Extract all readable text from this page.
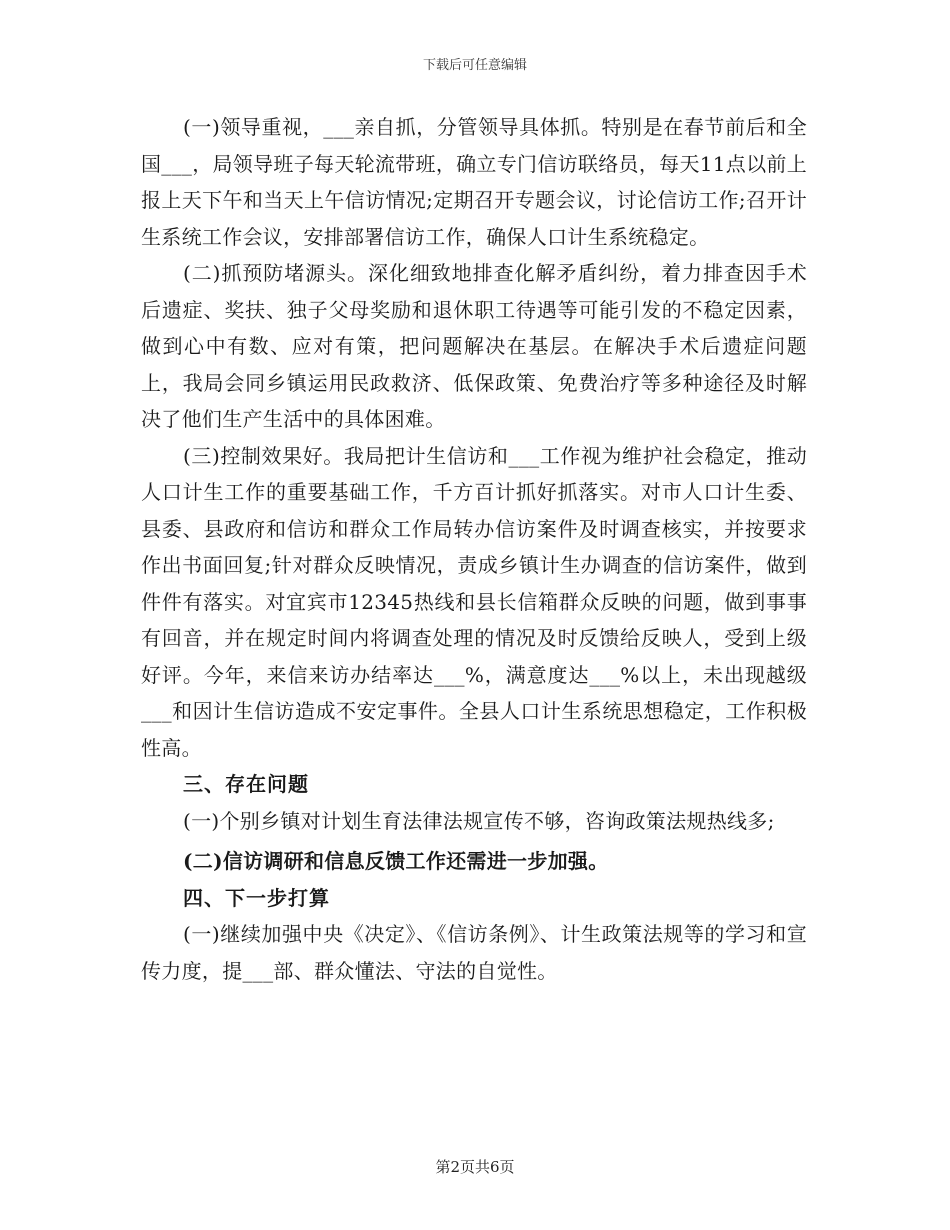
下载后可任意编辑

(一)领导重视，___亲自抓，分管领导具体抓。特别是在春节前后和全国___，局领导班子每天轮流带班，确立专门信访联络员，每天11点以前上报上天下午和当天上午信访情况;定期召开专题会议，讨论信访工作;召开计生系统工作会议，安排部署信访工作，确保人口计生系统稳定。

(二)抓预防堵源头。深化细致地排查化解矛盾纠纷，着力排查因手术后遗症、奖扶、独子父母奖励和退休职工待遇等可能引发的不稳定因素，做到心中有数、应对有策，把问题解决在基层。在解决手术后遗症问题上，我局会同乡镇运用民政救济、低保政策、免费治疗等多种途径及时解决了他们生产生活中的具体困难。

(三)控制效果好。我局把计生信访和___工作视为维护社会稳定，推动人口计生工作的重要基础工作，千方百计抓好抓落实。对市人口计生委、县委、县政府和信访和群众工作局转办信访案件及时调查核实，并按要求作出书面回复;针对群众反映情况，责成乡镇计生办调查的信访案件，做到件件有落实。对宜宾市12345热线和县长信箱群众反映的问题，做到事事有回音，并在规定时间内将调查处理的情况及时反馈给反映人，受到上级好评。今年，来信来访办结率达___%，满意度达___%以上，未出现越级___和因计生信访造成不安定事件。全县人口计生系统思想稳定，工作积极性高。

三、存在问题

(一)个别乡镇对计划生育法律法规宣传不够，咨询政策法规热线多;

(二)信访调研和信息反馈工作还需进一步加强。

四、下一步打算

(一)继续加强中央《决定》、《信访条例》、计生政策法规等的学习和宣传力度，提___部、群众懂法、守法的自觉性。

第2页共6页
